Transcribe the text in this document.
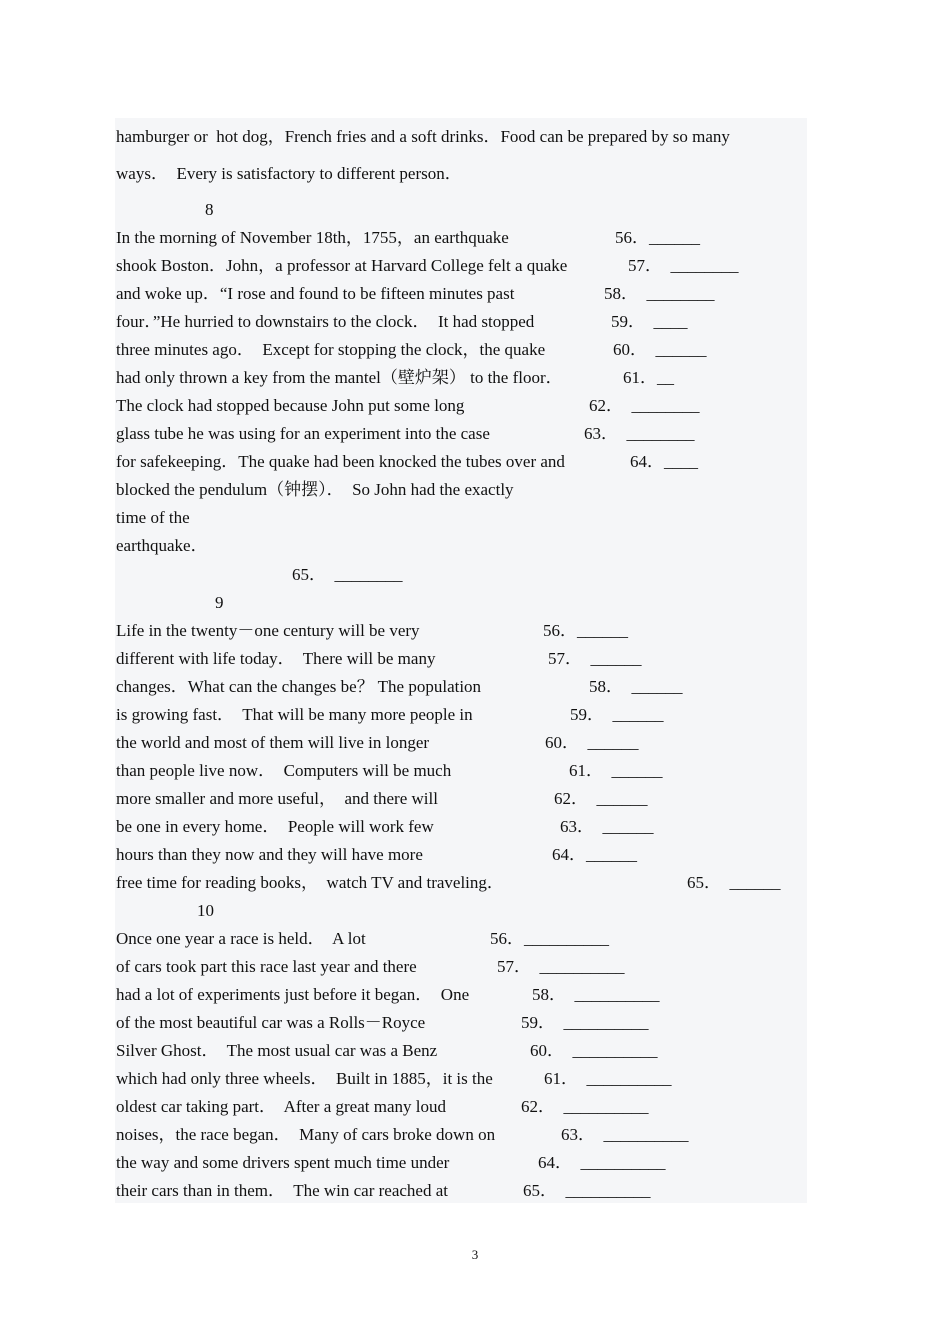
hamburger or  hot dog，French fries and a soft drinks．Food can be prepared by so many
ways．  Every is satisfactory to different person．
8
In the morning of November 18th，1755，an earthquake
shook Boston．John，a professor at Harvard College felt a quake
and woke up．“I rose and found to be fifteen minutes past
four．”He hurried to downstairs to the clock．  It had stopped
three minutes ago．  Except for stopping the clock，the quake
had only thrown a key from the mantel（壁炉架） to the floor．
The clock had stopped because John put some long
glass tube he was using for an experiment into the case
for safekeeping．The quake had been knocked the tubes over and
blocked the pendulum（钟摆）．  So John had the exactly
time of the
earthquake．
56．______
57．  ________
58．  ________
59．  ____
60．  ______
61．__
62．  ________
63．  ________
64．____
65．  ________
9
Life in the twenty－one century will be very
different with life today．  There will be many
changes．What can the changes be？ The population
is growing fast．  That will be many more people in
the world and most of them will live in longer
than people live now．  Computers will be much
more smaller and more useful，  and there will
be one in every home．  People will work few
hours than they now and they will have more
free time for reading books，  watch TV and traveling．
56．______
57．  ______
58．  ______
59．  ______
60．  ______
61．  ______
62．  ______
63．  ______
64．______
65．  ______
10
Once one year a race is held．  A lot
of cars took part this race last year and there
had a lot of experiments just before it began．  One
of the most beautiful car was a Rolls－Royce
Silver Ghost．  The most usual car was a Benz
which had only three wheels．  Built in 1885，it is the
oldest car taking part．  After a great many loud
noises，the race began．  Many of cars broke down on
the way and some drivers spent much time under
their cars than in them．  The win car reached at
56．__________
57．  __________
58．  __________
59．  __________
60．  __________
61．  __________
62．  __________
63．  __________
64．  __________
65．  __________
3
